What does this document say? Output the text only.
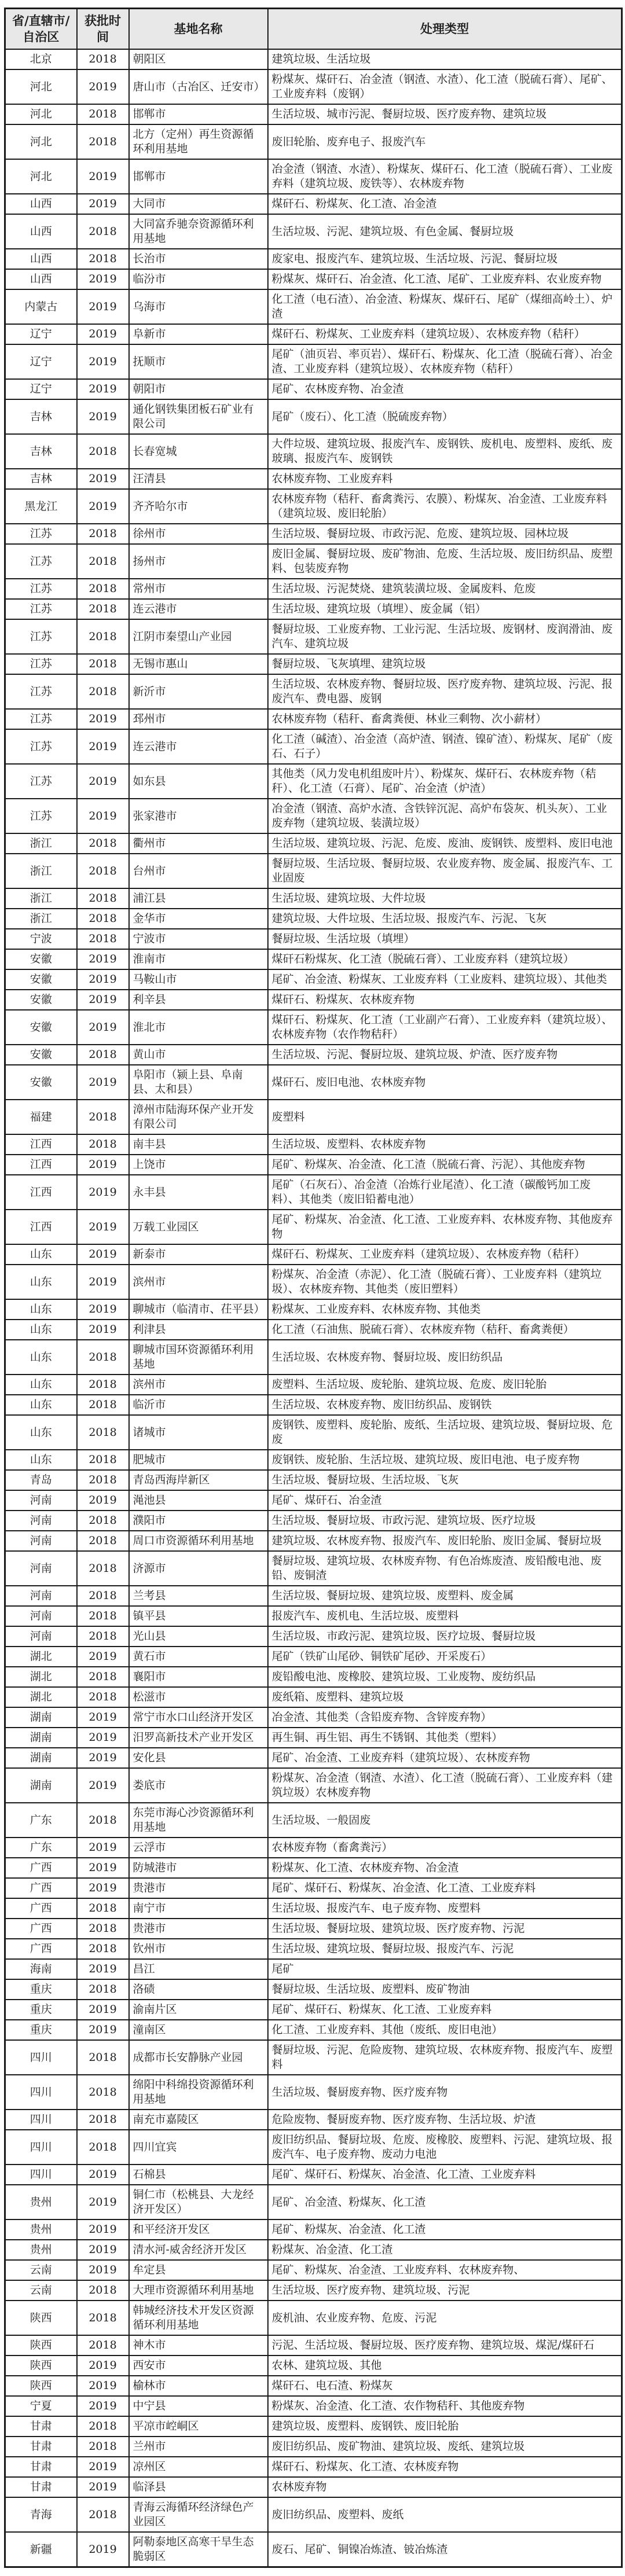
省/直辖市/自治区	获批时间	基地名称	处理类型
北京	2018	朝阳区	建筑垃圾、生活垃圾
河北	2019	唐山市（古冶区、迁安市）	粉煤灰、煤矸石、冶金渣（钢渣、水渣）、化工渣（脱硫石膏）、尾矿、工业废弃料（废钢）
河北	2018	邯郸市	生活垃圾、城市污泥、餐厨垃圾、医疗废弃物、建筑垃圾
河北	2018	北方（定州）再生资源循环利用基地	废旧轮胎、废弃电子、报废汽车
河北	2019	邯郸市	冶金渣（钢渣、水渣）、粉煤灰、煤矸石、化工渣（脱硫石膏）、工业废弃料（建筑垃圾、废铁等）、农林废弃物
山西	2019	大同市	煤矸石、粉煤灰、化工渣、冶金渣
山西	2018	大同富乔驰奈资源循环利用基地	生活垃圾、污泥、建筑垃圾、有色金属、餐厨垃圾
山西	2018	长治市	废家电、报废汽车、建筑垃圾、生活垃圾、污泥、餐厨垃圾
山西	2019	临汾市	粉煤灰、煤矸石、冶金渣、化工渣、尾矿、工业废弃料、农业废弃物
内蒙古	2019	乌海市	化工渣（电石渣）、冶金渣、粉煤灰、煤矸石、尾矿（煤细高岭土）、炉渣
辽宁	2019	阜新市	煤矸石、粉煤灰、工业废弃料（建筑垃圾）、农林废弃物（秸秆）
辽宁	2019	抚顺市	尾矿（油页岩、率页岩）、煤矸石、粉煤灰、化工渣（脱硫石膏）、冶金渣、工业废弃料（建筑垃圾）、农林废弃物（秸秆）
辽宁	2019	朝阳市	尾矿、农林废弃物、冶金渣
吉林	2019	通化钢铁集团板石矿业有限公司	尾矿（废石）、化工渣（脱硫废弃物）
吉林	2018	长春宽城	大件垃圾、建筑垃圾、报废汽车、废钢铁、废机电、废塑料、废纸、废玻璃、报废汽车、废钢铁
吉林	2019	汪清县	农林废弃物、工业废弃料
黑龙江	2019	齐齐哈尔市	农林废弃物（秸秆、畜禽粪污、农膜）、粉煤灰、冶金渣、工业废弃料（建筑垃圾、废旧轮胎）
江苏	2018	徐州市	生活垃圾、餐厨垃圾、市政污泥、危废、建筑垃圾、园林垃圾
江苏	2018	扬州市	废旧金属、餐厨垃圾、废矿物油、危废、生活垃圾、废旧纺织品、废塑料、包装废弃物
江苏	2018	常州市	生活垃圾、污泥焚烧、建筑装潢垃圾、金属废料、危废
江苏	2018	连云港市	生活垃圾、建筑垃圾（填埋）、废金属（铝）
江苏	2018	江阴市秦望山产业园	餐厨垃圾、工业废弃物、工业污泥、生活垃圾、废钢材、废润滑油、废汽车、建筑垃圾
江苏	2018	无锡市惠山	餐厨垃圾、飞灰填埋、建筑垃圾
江苏	2018	新沂市	生活垃圾、农林废弃物、餐厨垃圾、医疗废弃物、建筑垃圾、污泥、报废汽车、费电器、废钢
江苏	2019	邳州市	农林废弃物（秸秆、畜禽粪便、林业三剩物、次小薪材）
江苏	2019	连云港市	化工渣（碱渣）、冶金渣（高炉渣、钢渣、镍矿渣）、粉煤灰、尾矿（废石、石子）
江苏	2019	如东县	其他类（风力发电机组废叶片）、粉煤灰、煤矸石、农林废弃物（秸秆）、化工渣（石膏）、尾矿、冶金渣（炉渣）
江苏	2019	张家港市	冶金渣（钢渣、高炉水渣、含铁锌沉泥、高炉布袋灰、机头灰）、工业废弃物（建筑垃圾、装潢垃圾）
浙江	2018	衢州市	生活垃圾、建筑垃圾、污泥、危废、废油、废钢铁、废塑料、废旧电池
浙江	2018	台州市	餐厨垃圾、生活垃圾、餐厨垃圾、农业废弃物、废金属、报废汽车、工业固废
浙江	2018	浦江县	生活垃圾、建筑垃圾、大件垃圾
浙江	2018	金华市	建筑垃圾、大件垃圾、生活垃圾、报废汽车、污泥、飞灰
宁波	2018	宁波市	餐厨垃圾、生活垃圾（填埋）
安徽	2019	淮南市	煤矸石粉煤灰、化工渣（脱硫石膏）、工业废弃料（建筑垃圾）
安徽	2019	马鞍山市	尾矿、冶金渣、粉煤灰、工业废弃料（工业废料、建筑垃圾）、其他类
安徽	2019	利辛县	煤矸石、粉煤灰、农林废弃物
安徽	2019	淮北市	煤矸石、粉煤灰、化工渣（工业副产石膏）、工业废弃料（建筑垃圾）、农林废弃物（农作物秸秆）
安徽	2018	黄山市	生活垃圾、污泥、餐厨垃圾、建筑垃圾、炉渣、医疗废弃物
安徽	2019	阜阳市（颍上县、阜南县、太和县）	煤矸石、废旧电池、农林废弃物
福建	2018	漳州市陆海环保产业开发有限公司	废塑料
江西	2018	南丰县	生活垃圾、废塑料、农林废弃物
江西	2019	上饶市	尾矿、粉煤灰、冶金渣、化工渣（脱硫石膏、污泥）、其他废弃物
江西	2019	永丰县	尾矿（石灰石）、冶金渣（冶炼行业尾渣）、化工渣（碳酸钙加工废料）、其他类（废旧铅蓄电池）
江西	2019	万载工业园区	尾矿、粉煤灰、冶金渣、化工渣、工业废弃料、农林废弃物、其他废弃物
山东	2019	新泰市	煤矸石、粉煤灰、工业废弃料（建筑垃圾）、农林废弃物（秸秆）
山东	2019	滨州市	粉煤灰、冶金渣（赤泥）、化工渣（脱硫石膏）、工业废弃料（建筑垃圾）、农林废弃物、其他类（废旧塑料）
山东	2019	聊城市（临清市、茌平县）	粉煤灰、工业废弃料、农林废弃物、其他类
山东	2019	利津县	化工渣（石油焦、脱硫石膏）、农林废弃物（秸秆、畜禽粪便）
山东	2018	聊城市国环资源循环利用基地	生活垃圾、农林废弃物、餐厨垃圾、废旧纺织品
山东	2018	滨州市	废塑料、生活垃圾、废轮胎、建筑垃圾、危废、废旧轮胎
山东	2018	临沂市	生活垃圾、农林废弃物、废旧纺织品、废钢铁
山东	2018	诸城市	废钢铁、废塑料、废轮胎、废纸、生活垃圾、建筑垃圾、餐厨垃圾、危废
山东	2018	肥城市	废钢铁、废轮胎、生活垃圾、建筑垃圾、废旧电池、电子废弃物
青岛	2018	青岛西海岸新区	生活垃圾、餐厨垃圾、生活垃圾、飞灰
河南	2019	渑池县	尾矿、煤矸石、冶金渣
河南	2018	濮阳市	生活垃圾、餐厨垃圾、市政污泥、建筑垃圾、医疗垃圾
河南	2018	周口市资源循环利用基地	建筑垃圾、农林废弃物、报废汽车、废旧轮胎、废旧金属、餐厨垃圾
河南	2018	济源市	餐厨垃圾、建筑垃圾、农林废弃物、有色冶炼废渣、废铅酸电池、废铅、废铜渣
河南	2018	兰考县	生活垃圾、餐厨垃圾、建筑垃圾、废塑料、废金属
河南	2018	镇平县	报废汽车、废机电、生活垃圾、废塑料
河南	2018	光山县	生活垃圾、市政污泥、建筑垃圾、医疗垃圾、餐厨垃圾
湖北	2019	黄石市	尾矿（铁矿山尾砂、铜铁矿尾砂、开采废石）
湖北	2018	襄阳市	废铅酸电池、废橡胶、建筑垃圾、工业废物、废纺织品
湖北	2018	松滋市	废纸箱、废塑料、建筑垃圾
湖南	2019	常宁市水口山经济开发区	冶金渣、其他类（含铅废弃物、含锌废弃物）
湖南	2019	汨罗高新技术产业开发区	再生铜、再生铝、再生不锈钢、其他类（塑料）
湖南	2019	安化县	尾矿、冶金渣、工业废弃料（建筑垃圾）、农林废弃物
湖南	2019	娄底市	粉煤灰、冶金渣（钢渣、水渣）、化工渣（脱硫石膏）、工业废弃料（建筑垃圾）农林废弃物
广东	2018	东莞市海心沙资源循环利用基地	生活垃圾、一般固废
广东	2019	云浮市	农林废弃物（畜禽粪污）
广西	2019	防城港市	粉煤灰、化工渣、农林废弃物、冶金渣
广西	2019	贵港市	尾矿、煤矸石、粉煤灰、冶金渣、化工渣、工业废弃料
广西	2018	南宁市	生活垃圾、报废汽车、电子废弃物、废塑料
广西	2018	贵港市	生活垃圾、餐厨垃圾、建筑垃圾、医疗废弃物、污泥
广西	2018	钦州市	生活垃圾、建筑垃圾、餐厨垃圾、报废汽车、污泥
海南	2019	昌江	尾矿
重庆	2018	洛碛	餐厨垃圾、生活垃圾、废塑料、废矿物油
重庆	2019	渝南片区	尾矿、煤矸石、粉煤灰、化工渣、工业废弃料
重庆	2019	潼南区	化工渣、工业废弃料、其他（废纸、废旧电池）
四川	2018	成都市长安静脉产业园	餐厨垃圾、污泥、危险废物、建筑垃圾、农林废弃物、报废汽车、废塑料
四川	2018	绵阳中科绵投资源循环利用基地	生活垃圾、餐厨废弃物、医疗废弃物
四川	2018	南充市嘉陵区	危险废物、餐厨废弃物、医疗废弃物、生活垃圾、炉渣
四川	2018	四川宜宾	废旧纺织品、餐厨垃圾、危废、废橡胶、废塑料、污泥、建筑垃圾、报废汽车、电子废弃物、废动力电池
四川	2019	石棉县	尾矿、煤矸石、粉煤灰、冶金渣、化工渣、工业废弃料
贵州	2019	铜仁市（松桃县、大龙经济开发区）	尾矿、冶金渣、粉煤灰、化工渣
贵州	2019	和平经济开发区	尾矿、粉煤灰、冶金渣、化工渣
贵州	2019	清水河-威舍经济开发区	粉煤灰、冶金渣、化工渣
云南	2019	牟定县	尾矿、粉煤灰、冶金渣、工业废弃料、农林废弃物、
云南	2018	大理市资源循环利用基地	生活垃圾、医疗废弃物、建筑垃圾、污泥
陕西	2018	韩城经济技术开发区资源循环利用基地	废机油、农业废弃物、危废、污泥
陕西	2018	神木市	污泥、生活垃圾、餐厨垃圾、医疗废弃物、建筑垃圾、煤泥/煤矸石
陕西	2019	西安市	农林、建筑垃圾、其他
陕西	2019	榆林市	煤矸石、电石渣、粉煤灰
宁夏	2019	中宁县	粉煤灰、冶金渣、化工渣、农作物秸秆、其他废弃物
甘肃	2018	平凉市崆峒区	建筑垃圾、废塑料、废钢铁、废旧轮胎
甘肃	2018	兰州市	废旧纺织品、废矿物油、建筑垃圾、废纸、建筑垃圾
甘肃	2019	凉州区	煤矸石、粉煤灰、化工渣、农林废弃物
甘肃	2019	临泽县	农林废弃物
青海	2018	青海云海循环经济绿色产业园区	废旧纺织品、废塑料、废纸
新疆	2019	阿勒泰地区高寒干旱生态脆弱区	废石、尾矿、铜镍冶炼渣、铍冶炼渣
